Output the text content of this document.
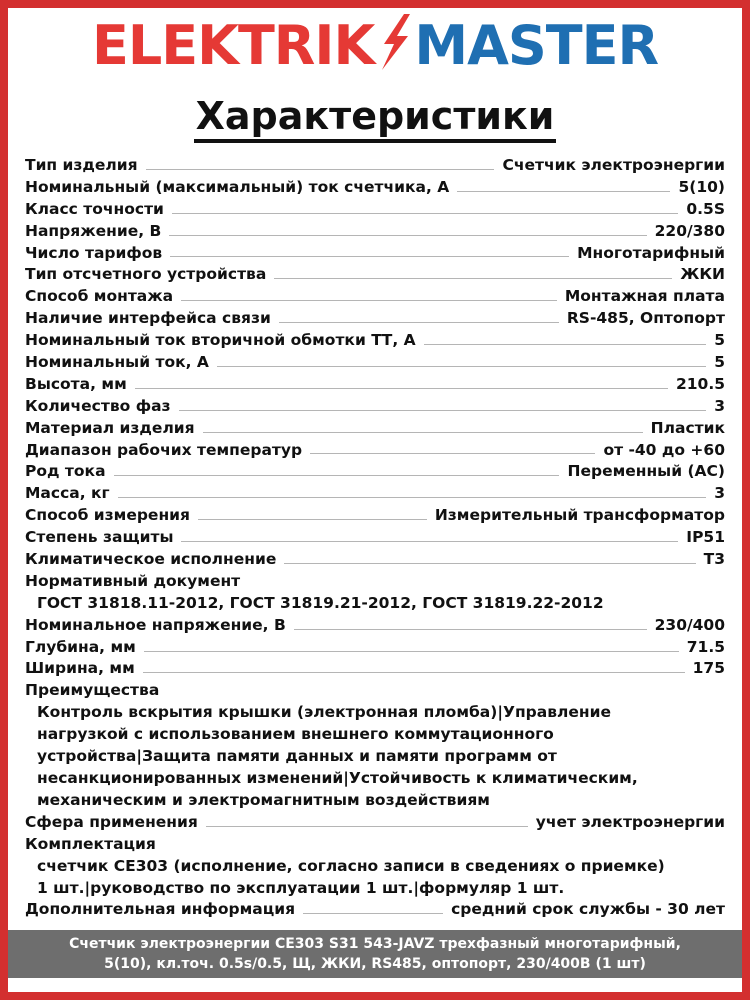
ELEKTRIK MASTER
Характеристики
Тип изделия	Счетчик электроэнергии
Номинальный (максимальный) ток счетчика, А	5(10)
Класс точности	0.5S
Напряжение, В	220/380
Число тарифов	Многотарифный
Тип отсчетного устройства	ЖКИ
Способ монтажа	Монтажная плата
Наличие интерфейса связи	RS-485, Оптопорт
Номинальный ток вторичной обмотки ТТ, А	5
Номинальный ток, А	5
Высота, мм	210.5
Количество фаз	3
Материал изделия	Пластик
Диапазон рабочих температур	от -40 до +60
Род тока	Переменный (AC)
Масса, кг	3
Способ измерения	Измерительный трансформатор
Степень защиты	IP51
Климатическое исполнение	Т3
Нормативный документ
ГОСТ 31818.11-2012, ГОСТ 31819.21-2012, ГОСТ 31819.22-2012
Номинальное напряжение, В	230/400
Глубина, мм	71.5
Ширина, мм	175
Преимущества
Контроль вскрытия крышки (электронная пломба)|Управление
нагрузкой с использованием внешнего коммутационного
устройства|Защита памяти данных и памяти программ от
несанкционированных изменений|Устойчивость к климатическим,
механическим и электромагнитным воздействиям
Сфера применения	учет электроэнергии
Комплектация
счетчик СЕ303 (исполнение, согласно записи в сведениях о приемке)
1 шт.|руководство по эксплуатации 1 шт.|формуляр 1 шт.
Дополнительная информация	средний срок службы - 30 лет
Счетчик электроэнергии CE303 S31 543-JAVZ трехфазный многотарифный,
5(10), кл.точ. 0.5s/0.5, Щ, ЖКИ, RS485, оптопорт, 230/400В (1 шт)
